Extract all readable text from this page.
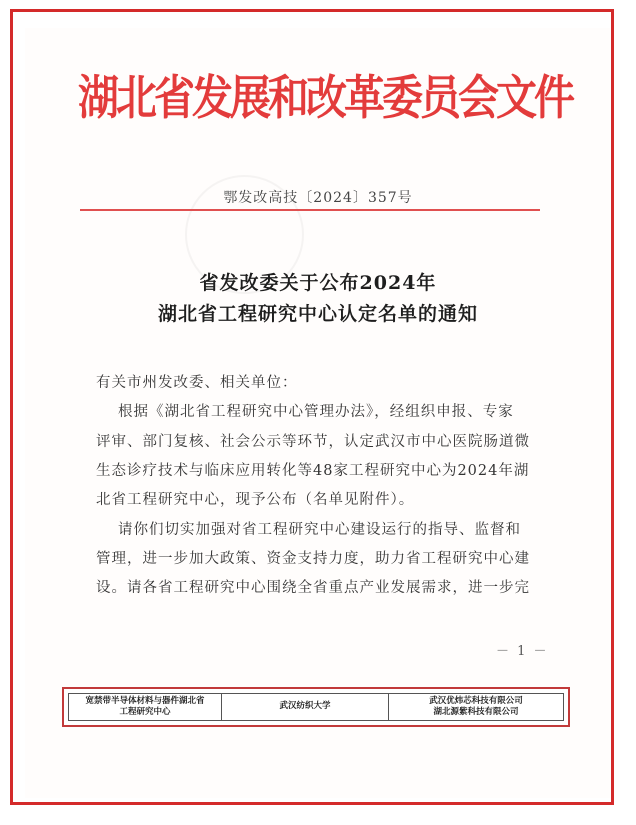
湖北省发展和改革委员会文件
鄂发改高技〔2024〕357号
省发改委关于公布2024年
湖北省工程研究中心认定名单的通知
有关市州发改委、相关单位：
根据《湖北省工程研究中心管理办法》，经组织申报、专家
评审、部门复核、社会公示等环节，认定武汉市中心医院肠道微
生态诊疗技术与临床应用转化等48家工程研究中心为2024年湖
北省工程研究中心，现予公布（名单见附件）。
请你们切实加强对省工程研究中心建设运行的指导、监督和
管理，进一步加大政策、资金支持力度，助力省工程研究中心建
设。请各省工程研究中心围绕全省重点产业发展需求，进一步完
－ 1 －
宽禁带半导体材料与器件湖北省
工程研究中心
武汉纺织大学
武汉优炜芯科技有限公司
湖北源紫科技有限公司
